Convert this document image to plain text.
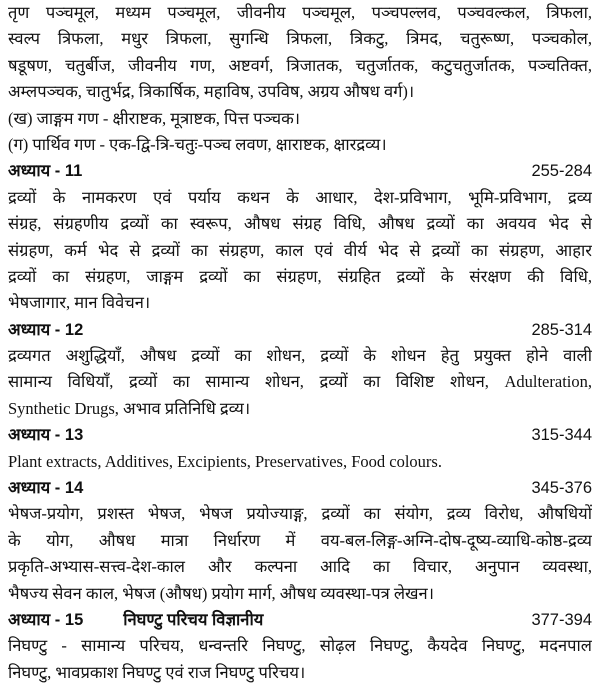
तृण पञ्चमूल, मध्यम पञ्चमूल, जीवनीय पञ्चमूल, पञ्चपल्लव, पञ्चवल्कल, त्रिफला,
स्वल्प त्रिफला, मधुर त्रिफला, सुगन्धि त्रिफला, त्रिकटु, त्रिमद, चतुरूष्ण, पञ्चकोल,
षडूषण, चतुर्बीज, जीवनीय गण, अष्टवर्ग, त्रिजातक, चतुर्जातक, कटुचतुर्जातक, पञ्चतिक्त,
अम्लपञ्चक, चातुर्भद्र, त्रिकार्षिक, महाविष, उपविष, अग्रय औषध वर्ग)।
(ख) जाङ्गम गण - क्षीराष्टक, मूत्राष्टक, पित्त पञ्चक।
(ग) पार्थिव गण - एक-द्वि-त्रि-चतुः-पञ्च लवण, क्षाराष्टक, क्षारद्रव्य।
अध्याय - 11	255-284
द्रव्यों के नामकरण एवं पर्याय कथन के आधार, देश-प्रविभाग, भूमि-प्रविभाग, द्रव्य
संग्रह, संग्रहणीय द्रव्यों का स्वरूप, औषध संग्रह विधि, औषध द्रव्यों का अवयव भेद से
संग्रहण, कर्म भेद से द्रव्यों का संग्रहण, काल एवं वीर्य भेद से द्रव्यों का संग्रहण, आहार
द्रव्यों का संग्रहण, जाङ्गम द्रव्यों का संग्रहण, संग्रहित द्रव्यों के संरक्षण की विधि,
भेषजागार, मान विवेचन।
अध्याय - 12	285-314
द्रव्यगत अशुद्धियाँ, औषध द्रव्यों का शोधन, द्रव्यों के शोधन हेतु प्रयुक्त होने वाली
सामान्य विधियाँ, द्रव्यों का सामान्य शोधन, द्रव्यों का विशिष्ट शोधन, Adulteration,
Synthetic Drugs, अभाव प्रतिनिधि द्रव्य।
अध्याय - 13	315-344
Plant extracts, Additives, Excipients, Preservatives, Food colours.
अध्याय - 14	345-376
भेषज-प्रयोग, प्रशस्त भेषज, भेषज प्रयोज्याङ्ग, द्रव्यों का संयोग, द्रव्य विरोध, औषधियों
के योग, औषध मात्रा निर्धारण में वय-बल-लिङ्ग-अग्नि-दोष-दूष्य-व्याधि-कोष्ठ-द्रव्य
प्रकृति-अभ्यास-सत्त्व-देश-काल और कल्पना आदि का विचार, अनुपान व्यवस्था,
भैषज्य सेवन काल, भेषज (औषध) प्रयोग मार्ग, औषध व्यवस्था-पत्र लेखन।
अध्याय - 15 निघण्टु परिचय विज्ञानीय	377-394
निघण्टु - सामान्य परिचय, धन्वन्तरि निघण्टु, सोढ़ल निघण्टु, कैयदेव निघण्टु, मदनपाल
निघण्टु, भावप्रकाश निघण्टु एवं राज निघण्टु परिचय।
